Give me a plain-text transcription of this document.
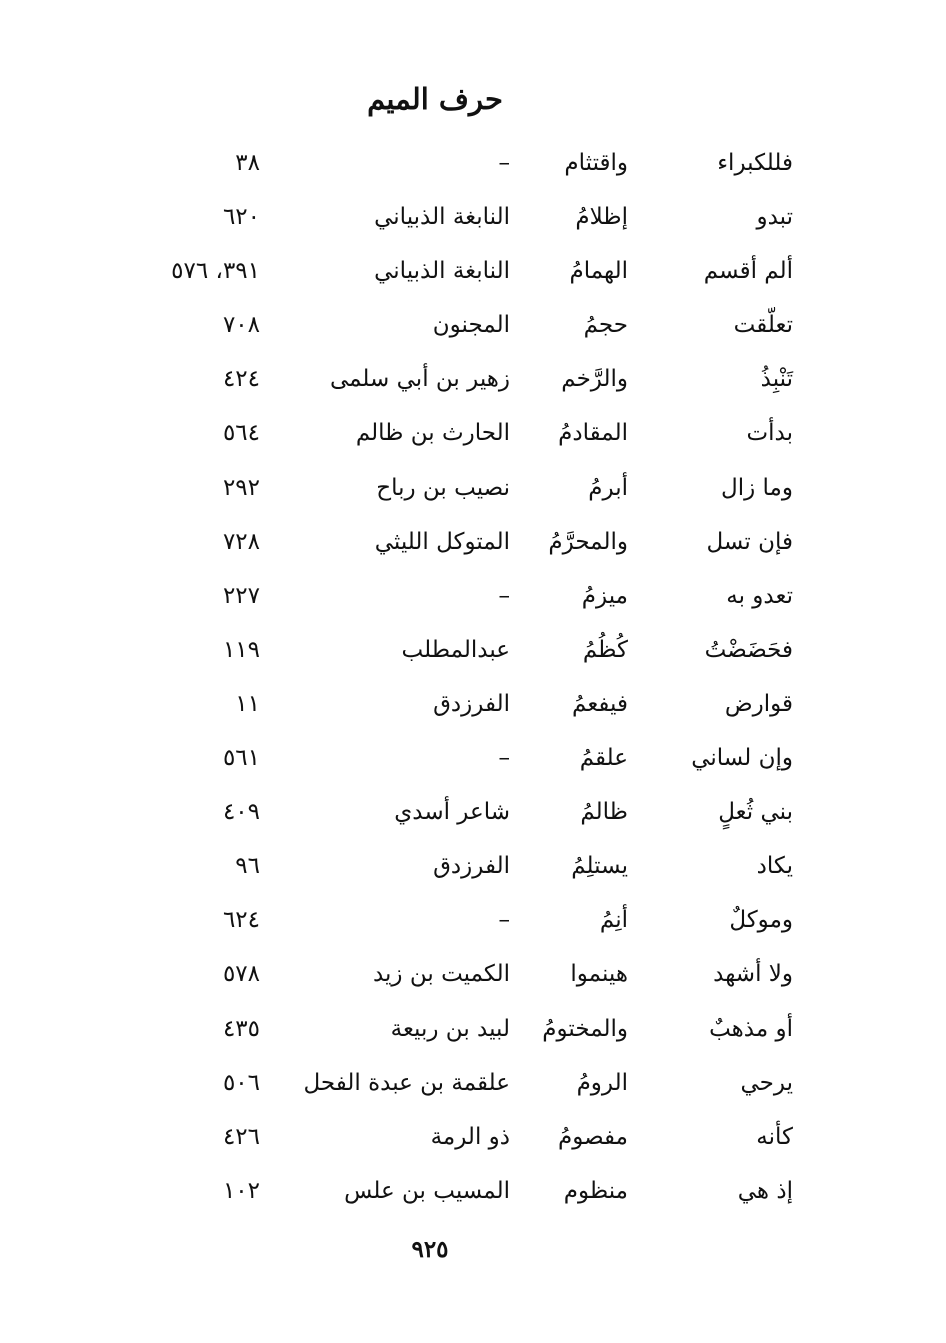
حرف الميم
فللكبراء
واقتثام
–
٣٨
تبدو
إظلامُ
النابغة الذبياني
٦٢٠
ألم أقسم
الهمامُ
النابغة الذبياني
٣٩١، ٥٧٦
تعلّقت
حجمُ
المجنون
٧٠٨
تَنْبِذُ
والرَّخم
زهير بن أبي سلمى
٤٢٤
بدأت
المقادمُ
الحارث بن ظالم
٥٦٤
وما زال
أبرمُ
نصيب بن رباح
٢٩٢
فإن تسل
والمحرَّمُ
المتوكل الليثي
٧٢٨
تعدو به
ميزمُ
–
٢٢٧
فحَضَضْتُ
كُظُمُ
عبدالمطلب
١١٩
قوارض
فيفعمُ
الفرزدق
١١
وإن لساني
علقمُ
–
٥٦١
بني ثُعلٍ
ظالمُ
شاعر أسدي
٤٠٩
يكاد
يستلِمُ
الفرزدق
٩٦
وموكلٌ
أنِمُ
–
٦٢٤
ولا أشهد
هينموا
الكميت بن زيد
٥٧٨
أو مذهبٌ
والمختومُ
لبيد بن ربيعة
٤٣٥
يرحي
الرومُ
علقمة بن عبدة الفحل
٥٠٦
كأنه
مفصومُ
ذو الرمة
٤٢٦
إذ هي
منظوم
المسيب بن علس
١٠٢
٩٢٥
